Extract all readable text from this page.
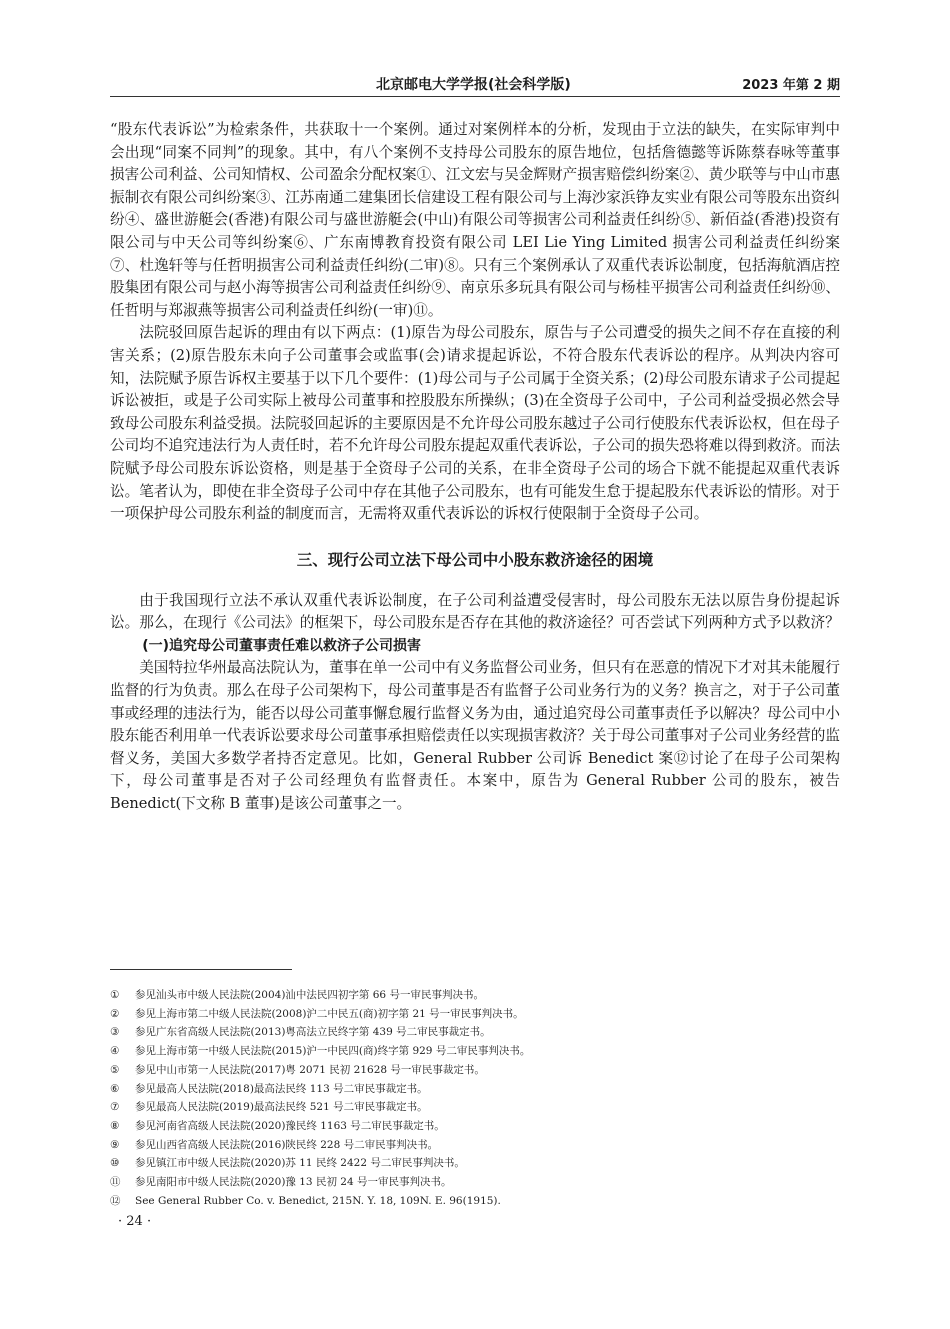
北京邮电大学学报(社会科学版)	2023 年第 2 期

“股东代表诉讼”为检索条件，共获取十一个案例。通过对案例样本的分析，发现由于立法的缺失，在实际审判中会出现“同案不同判”的现象。其中，有八个案例不支持母公司股东的原告地位，包括詹德懿等诉陈蔡春咏等董事损害公司利益、公司知情权、公司盈余分配权案①、江文宏与吴金辉财产损害赔偿纠纷案②、黄少联等与中山市惠振制衣有限公司纠纷案③、江苏南通二建集团长信建设工程有限公司与上海沙家浜铮友实业有限公司等股东出资纠纷④、盛世游艇会(香港)有限公司与盛世游艇会(中山)有限公司等损害公司利益责任纠纷⑤、新佰益(香港)投资有限公司与中天公司等纠纷案⑥、广东南博教育投资有限公司 LEI Lie Ying Limited 损害公司利益责任纠纷案⑦、杜逸轩等与任哲明损害公司利益责任纠纷(二审)⑧。只有三个案例承认了双重代表诉讼制度，包括海航酒店控股集团有限公司与赵小海等损害公司利益责任纠纷⑨、南京乐多玩具有限公司与杨桂平损害公司利益责任纠纷⑩、任哲明与郑淑燕等损害公司利益责任纠纷(一审)⑪。

法院驳回原告起诉的理由有以下两点：(1)原告为母公司股东，原告与子公司遭受的损失之间不存在直接的利害关系；(2)原告股东未向子公司董事会或监事(会)请求提起诉讼，不符合股东代表诉讼的程序。从判决内容可知，法院赋予原告诉权主要基于以下几个要件：(1)母公司与子公司属于全资关系；(2)母公司股东请求子公司提起诉讼被拒，或是子公司实际上被母公司董事和控股股东所操纵；(3)在全资母子公司中，子公司利益受损必然会导致母公司股东利益受损。法院驳回起诉的主要原因是不允许母公司股东越过子公司行使股东代表诉讼权，但在母子公司均不追究违法行为人责任时，若不允许母公司股东提起双重代表诉讼，子公司的损失恐将难以得到救济。而法院赋予母公司股东诉讼资格，则是基于全资母子公司的关系，在非全资母子公司的场合下就不能提起双重代表诉讼。笔者认为，即使在非全资母子公司中存在其他子公司股东，也有可能发生怠于提起股东代表诉讼的情形。对于一项保护母公司股东利益的制度而言，无需将双重代表诉讼的诉权行使限制于全资母子公司。

三、现行公司立法下母公司中小股东救济途径的困境

由于我国现行立法不承认双重代表诉讼制度，在子公司利益遭受侵害时，母公司股东无法以原告身份提起诉讼。那么，在现行《公司法》的框架下，母公司股东是否存在其他的救济途径？可否尝试下列两种方式予以救济？

(一)追究母公司董事责任难以救济子公司损害

美国特拉华州最高法院认为，董事在单一公司中有义务监督公司业务，但只有在恶意的情况下才对其未能履行监督的行为负责。那么在母子公司架构下，母公司董事是否有监督子公司业务行为的义务？换言之，对于子公司董事或经理的违法行为，能否以母公司董事懈怠履行监督义务为由，通过追究母公司董事责任予以解决？母公司中小股东能否利用单一代表诉讼要求母公司董事承担赔偿责任以实现损害救济？关于母公司董事对子公司业务经营的监督义务，美国大多数学者持否定意见。比如，General Rubber 公司诉 Benedict 案⑫讨论了在母子公司架构下，母公司董事是否对子公司经理负有监督责任。本案中，原告为 General Rubber 公司的股东，被告 Benedict(下文称 B 董事)是该公司董事之一。

① 参见汕头市中级人民法院(2004)汕中法民四初字第 66 号一审民事判决书。
② 参见上海市第二中级人民法院(2008)沪二中民五(商)初字第 21 号一审民事判决书。
③ 参见广东省高级人民法院(2013)粤高法立民终字第 439 号二审民事裁定书。
④ 参见上海市第一中级人民法院(2015)沪一中民四(商)终字第 929 号二审民事判决书。
⑤ 参见中山市第一人民法院(2017)粤 2071 民初 21628 号一审民事裁定书。
⑥ 参见最高人民法院(2018)最高法民终 113 号二审民事裁定书。
⑦ 参见最高人民法院(2019)最高法民终 521 号二审民事裁定书。
⑧ 参见河南省高级人民法院(2020)豫民终 1163 号二审民事裁定书。
⑨ 参见山西省高级人民法院(2016)陕民终 228 号二审民事判决书。
⑩ 参见镇江市中级人民法院(2020)苏 11 民终 2422 号二审民事判决书。
⑪ 参见南阳市中级人民法院(2020)豫 13 民初 24 号一审民事判决书。
⑫ See General Rubber Co. v. Benedict, 215N. Y. 18, 109N. E. 96(1915).
· 24 ·
